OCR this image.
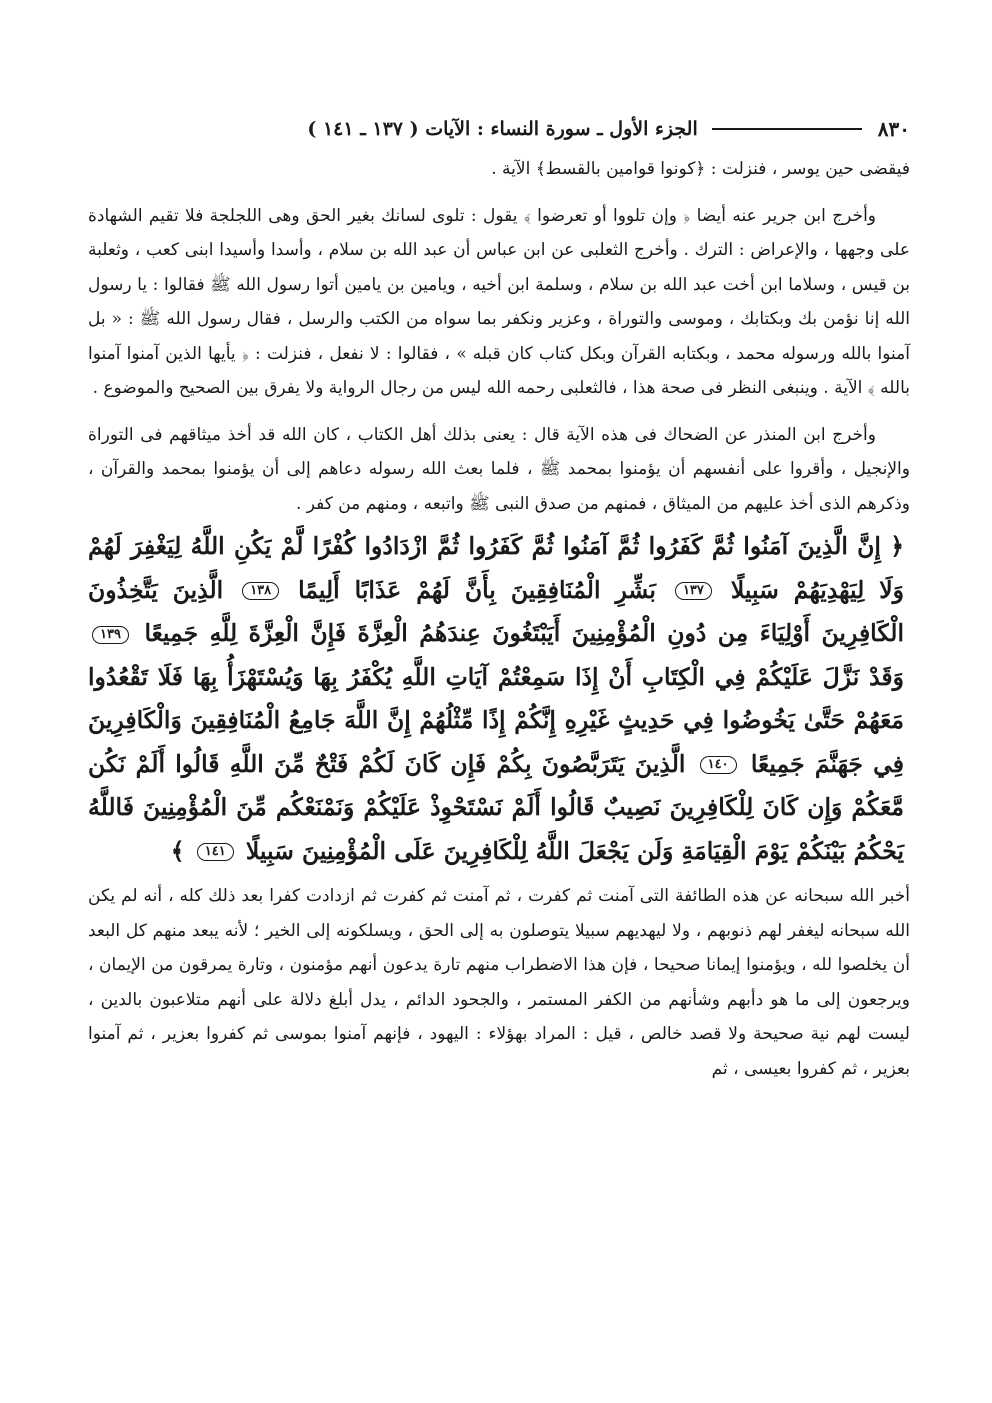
٨٣٠
الجزء الأول ـ سورة النساء : الآيات ( ١٣٧ ـ ١٤١ )

فيقضى حين يوسر ، فنزلت : ﴿كونوا قوامين بالقسط﴾ الآية .

وأخرج ابن جرير عنه أيضا ﴿ وإن تلووا أو تعرضوا ﴾ يقول : تلوى لسانك بغير الحق وهى اللجلجة فلا تقيم الشهادة على وجهها ، والإعراض : الترك . وأخرج الثعلبى عن ابن عباس أن عبد الله بن سلام ، وأسدا وأسيدا ابنى كعب ، وثعلبة بن قيس ، وسلاما ابن أخت عبد الله بن سلام ، وسلمة ابن أخيه ، ويامين بن يامين أتوا رسول الله ﷺ فقالوا : يا رسول الله إنا نؤمن بك وبكتابك ، وموسى والتوراة ، وعزير ونكفر بما سواه من الكتب والرسل ، فقال رسول الله ﷺ : « بل آمنوا بالله ورسوله محمد ، وبكتابه القرآن وبكل كتاب كان قبله » ، فقالوا : لا نفعل ، فنزلت : ﴿ يأيها الذين آمنوا آمنوا بالله ﴾ الآية . وينبغى النظر فى صحة هذا ، فالثعلبى رحمه الله ليس من رجال الرواية ولا يفرق بين الصحيح والموضوع .

وأخرج ابن المنذر عن الضحاك فى هذه الآية قال : يعنى بذلك أهل الكتاب ، كان الله قد أخذ ميثاقهم فى التوراة والإنجيل ، وأقروا على أنفسهم أن يؤمنوا بمحمد ﷺ ، فلما بعث الله رسوله دعاهم إلى أن يؤمنوا بمحمد والقرآن ، وذكرهم الذى أخذ عليهم من الميثاق ، فمنهم من صدق النبى ﷺ واتبعه ، ومنهم من كفر .

﴿ إِنَّ الَّذِينَ آمَنُوا ثُمَّ كَفَرُوا ثُمَّ آمَنُوا ثُمَّ كَفَرُوا ثُمَّ ازْدَادُوا كُفْرًا لَّمْ يَكُنِ اللَّهُ لِيَغْفِرَ لَهُمْ وَلَا لِيَهْدِيَهُمْ سَبِيلًا ١٣٧ بَشِّرِ الْمُنَافِقِينَ بِأَنَّ لَهُمْ عَذَابًا أَلِيمًا ١٣٨ الَّذِينَ يَتَّخِذُونَ الْكَافِرِينَ أَوْلِيَاءَ مِن دُونِ الْمُؤْمِنِينَ أَيَبْتَغُونَ عِندَهُمُ الْعِزَّةَ فَإِنَّ الْعِزَّةَ لِلَّهِ جَمِيعًا ١٣٩ وَقَدْ نَزَّلَ عَلَيْكُمْ فِي الْكِتَابِ أَنْ إِذَا سَمِعْتُمْ آيَاتِ اللَّهِ يُكْفَرُ بِهَا وَيُسْتَهْزَأُ بِهَا فَلَا تَقْعُدُوا مَعَهُمْ حَتَّىٰ يَخُوضُوا فِي حَدِيثٍ غَيْرِهِ إِنَّكُمْ إِذًا مِّثْلُهُمْ إِنَّ اللَّهَ جَامِعُ الْمُنَافِقِينَ وَالْكَافِرِينَ فِي جَهَنَّمَ جَمِيعًا ١٤٠ الَّذِينَ يَتَرَبَّصُونَ بِكُمْ فَإِن كَانَ لَكُمْ فَتْحٌ مِّنَ اللَّهِ قَالُوا أَلَمْ نَكُن مَّعَكُمْ وَإِن كَانَ لِلْكَافِرِينَ نَصِيبٌ قَالُوا أَلَمْ نَسْتَحْوِذْ عَلَيْكُمْ وَنَمْنَعْكُم مِّنَ الْمُؤْمِنِينَ فَاللَّهُ يَحْكُمُ بَيْنَكُمْ يَوْمَ الْقِيَامَةِ وَلَن يَجْعَلَ اللَّهُ لِلْكَافِرِينَ عَلَى الْمُؤْمِنِينَ سَبِيلًا ١٤١ ﴾

أخبر الله سبحانه عن هذه الطائفة التى آمنت ثم كفرت ، ثم آمنت ثم كفرت ثم ازدادت كفرا بعد ذلك كله ، أنه لم يكن الله سبحانه ليغفر لهم ذنوبهم ، ولا ليهديهم سبيلا يتوصلون به إلى الحق ، ويسلكونه إلى الخير ؛ لأنه يبعد منهم كل البعد أن يخلصوا لله ، ويؤمنوا إيمانا صحيحا ، فإن هذا الاضطراب منهم تارة يدعون أنهم مؤمنون ، وتارة يمرقون من الإيمان ، ويرجعون إلى ما هو دأبهم وشأنهم من الكفر المستمر ، والجحود الدائم ، يدل أبلغ دلالة على أنهم متلاعبون بالدين ، ليست لهم نية صحيحة ولا قصد خالص ، قيل : المراد بهؤلاء : اليهود ، فإنهم آمنوا بموسى ثم كفروا بعزير ، ثم آمنوا بعزير ، ثم كفروا بعيسى ، ثم
